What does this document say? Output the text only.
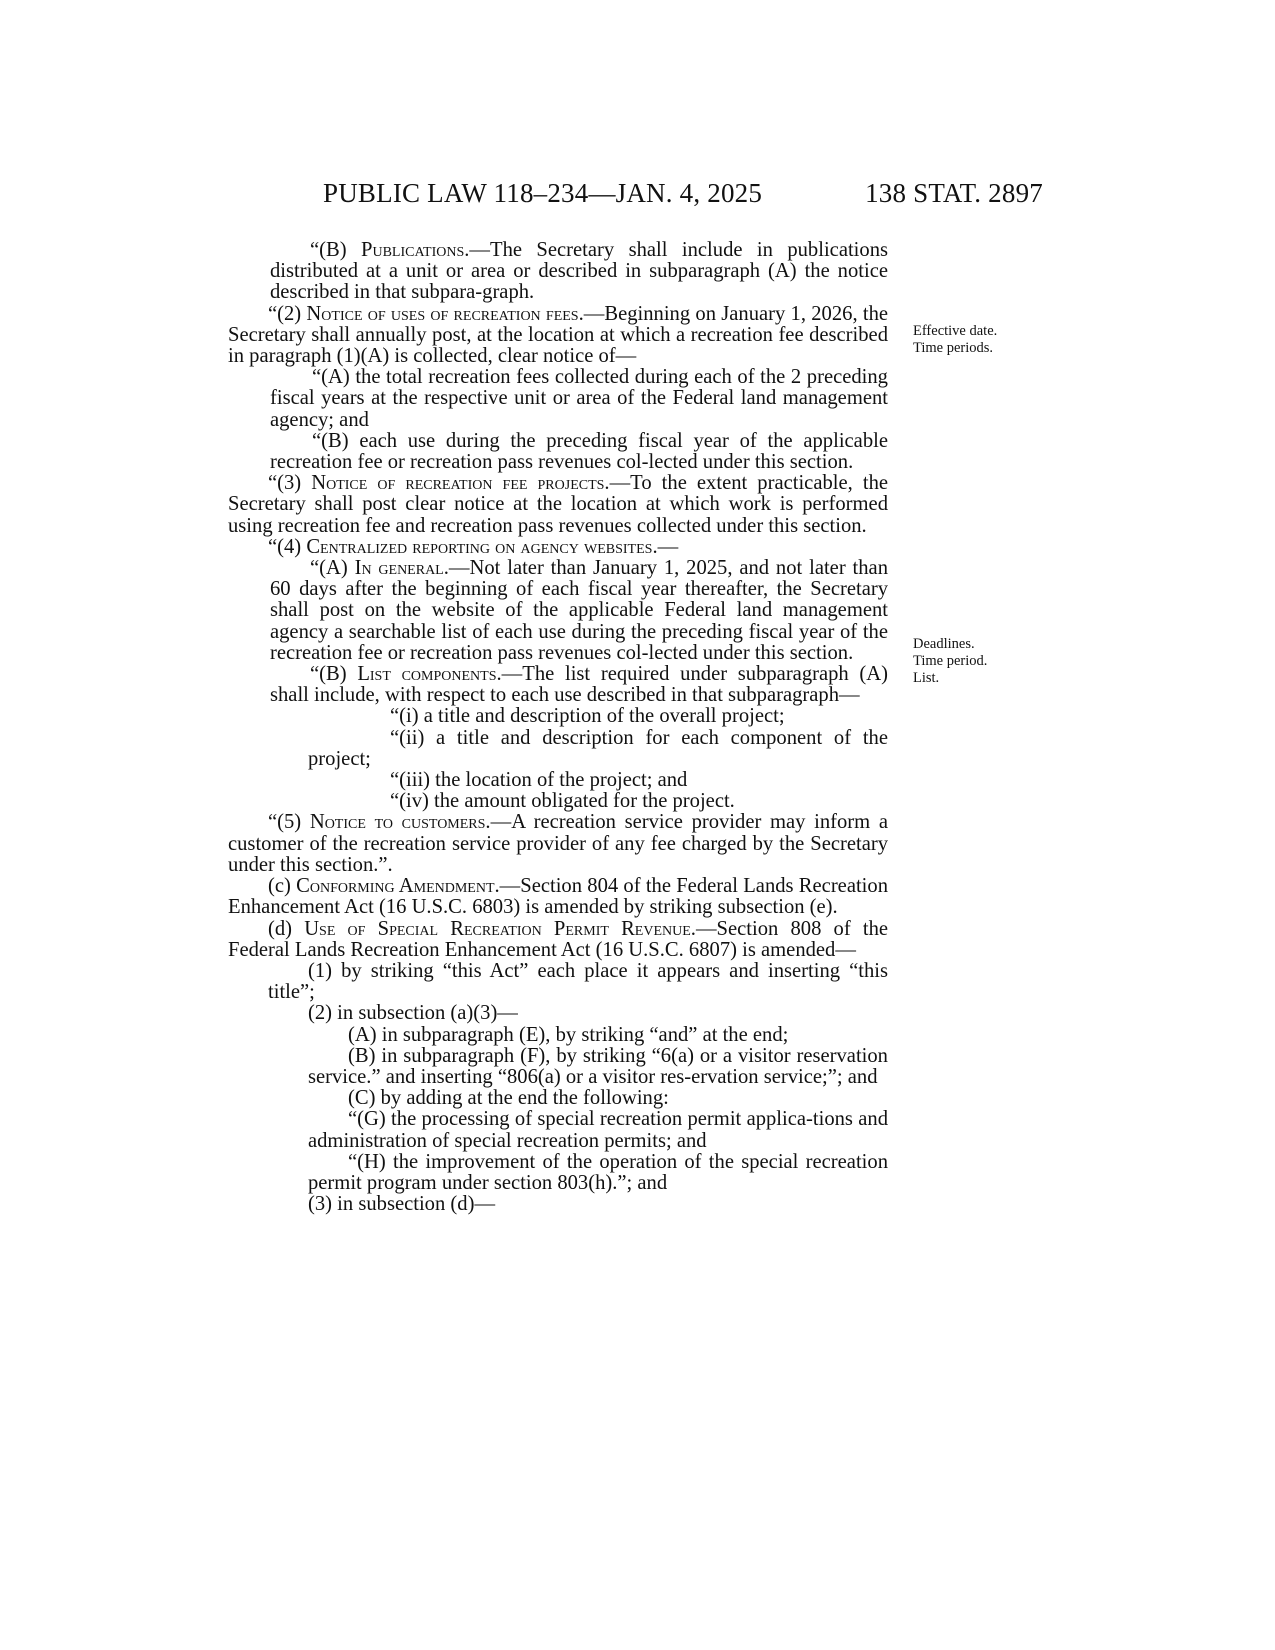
PUBLIC LAW 118–234—JAN. 4, 2025	138 STAT. 2897

“(B) Publications.—The Secretary shall include in publications distributed at a unit or area or described in subparagraph (A) the notice described in that subpara-graph.

“(2) Notice of uses of recreation fees.—Beginning on January 1, 2026, the Secretary shall annually post, at the location at which a recreation fee described in paragraph (1)(A) is collected, clear notice of—

“(A) the total recreation fees collected during each of the 2 preceding fiscal years at the respective unit or area of the Federal land management agency; and

“(B) each use during the preceding fiscal year of the applicable recreation fee or recreation pass revenues col-lected under this section.

“(3) Notice of recreation fee projects.—To the extent practicable, the Secretary shall post clear notice at the location at which work is performed using recreation fee and recreation pass revenues collected under this section.

“(4) Centralized reporting on agency websites.—

“(A) In general.—Not later than January 1, 2025, and not later than 60 days after the beginning of each fiscal year thereafter, the Secretary shall post on the website of the applicable Federal land management agency a searchable list of each use during the preceding fiscal year of the recreation fee or recreation pass revenues col-lected under this section.

“(B) List components.—The list required under subparagraph (A) shall include, with respect to each use described in that subparagraph—

“(i) a title and description of the overall project;

“(ii) a title and description for each component of the project;

“(iii) the location of the project; and

“(iv) the amount obligated for the project.

“(5) Notice to customers.—A recreation service provider may inform a customer of the recreation service provider of any fee charged by the Secretary under this section.”.

(c) Conforming Amendment.—Section 804 of the Federal Lands Recreation Enhancement Act (16 U.S.C. 6803) is amended by striking subsection (e).

(d) Use of Special Recreation Permit Revenue.—Section 808 of the Federal Lands Recreation Enhancement Act (16 U.S.C. 6807) is amended—

(1) by striking “this Act” each place it appears and inserting “this title”;

(2) in subsection (a)(3)—

(A) in subparagraph (E), by striking “and” at the end;

(B) in subparagraph (F), by striking “6(a) or a visitor reservation service.” and inserting “806(a) or a visitor res-ervation service;”; and

(C) by adding at the end the following:

“(G) the processing of special recreation permit applica-tions and administration of special recreation permits; and

“(H) the improvement of the operation of the special recreation permit program under section 803(h).”; and

(3) in subsection (d)—

Effective date.
Time periods.
Deadlines.
Time period.
List.
